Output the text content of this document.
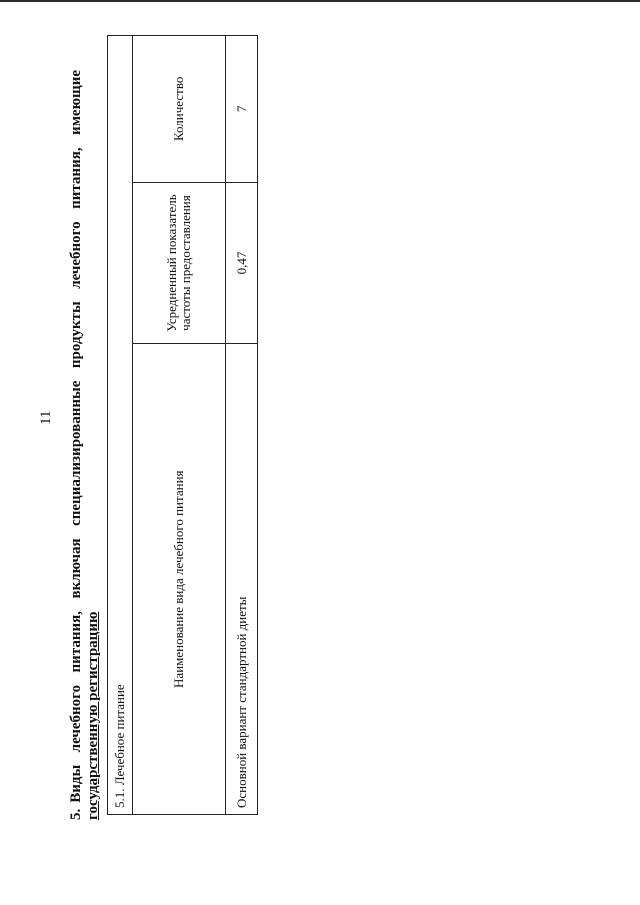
11
5.Виды лечебного питания, включая специализированные продукты лечебного питания, имеющие государственную регистрацию 5.1. Лечебное питание		
Наименование вида лечебного питания	Усредненный показатель частоты предоставления	Количество
Основной вариант стандартной диеты	0,47	7
